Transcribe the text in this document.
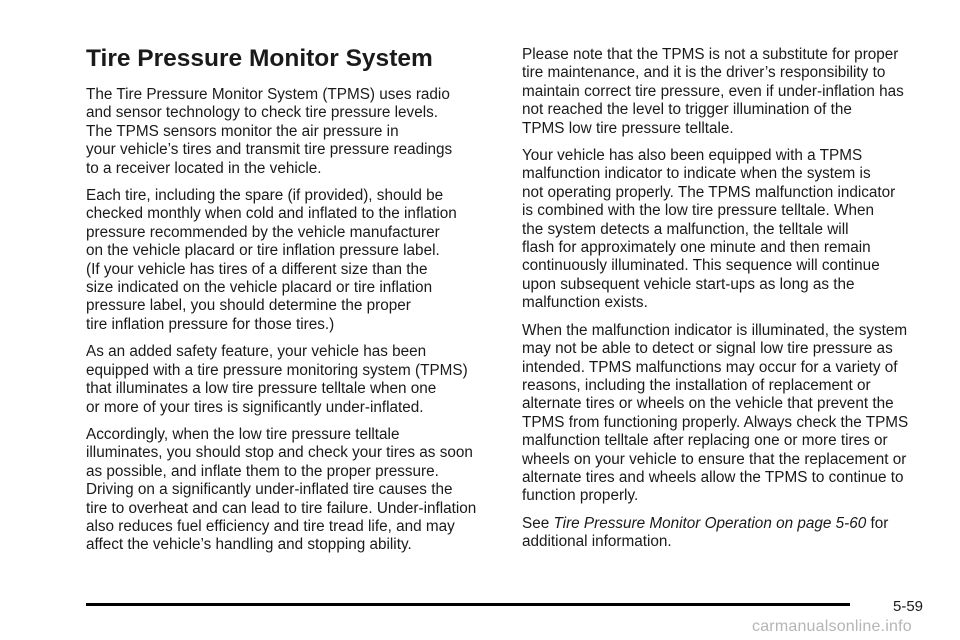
Tire Pressure Monitor System

The Tire Pressure Monitor System (TPMS) uses radio
and sensor technology to check tire pressure levels.
The TPMS sensors monitor the air pressure in
your vehicle’s tires and transmit tire pressure readings
to a receiver located in the vehicle.

Each tire, including the spare (if provided), should be
checked monthly when cold and inflated to the inflation
pressure recommended by the vehicle manufacturer
on the vehicle placard or tire inflation pressure label.
(If your vehicle has tires of a different size than the
size indicated on the vehicle placard or tire inflation
pressure label, you should determine the proper
tire inflation pressure for those tires.)

As an added safety feature, your vehicle has been
equipped with a tire pressure monitoring system (TPMS)
that illuminates a low tire pressure telltale when one
or more of your tires is significantly under-inflated.

Accordingly, when the low tire pressure telltale
illuminates, you should stop and check your tires as soon
as possible, and inflate them to the proper pressure.
Driving on a significantly under-inflated tire causes the
tire to overheat and can lead to tire failure. Under-inflation
also reduces fuel efficiency and tire tread life, and may
affect the vehicle’s handling and stopping ability.

Please note that the TPMS is not a substitute for proper
tire maintenance, and it is the driver’s responsibility to
maintain correct tire pressure, even if under-inflation has
not reached the level to trigger illumination of the
TPMS low tire pressure telltale.

Your vehicle has also been equipped with a TPMS
malfunction indicator to indicate when the system is
not operating properly. The TPMS malfunction indicator
is combined with the low tire pressure telltale. When
the system detects a malfunction, the telltale will
flash for approximately one minute and then remain
continuously illuminated. This sequence will continue
upon subsequent vehicle start-ups as long as the
malfunction exists.

When the malfunction indicator is illuminated, the system
may not be able to detect or signal low tire pressure as
intended. TPMS malfunctions may occur for a variety of
reasons, including the installation of replacement or
alternate tires or wheels on the vehicle that prevent the
TPMS from functioning properly. Always check the TPMS
malfunction telltale after replacing one or more tires or
wheels on your vehicle to ensure that the replacement or
alternate tires and wheels allow the TPMS to continue to
function properly.

See Tire Pressure Monitor Operation on page 5-60 for
additional information.

5-59
carmanualsonline.info
